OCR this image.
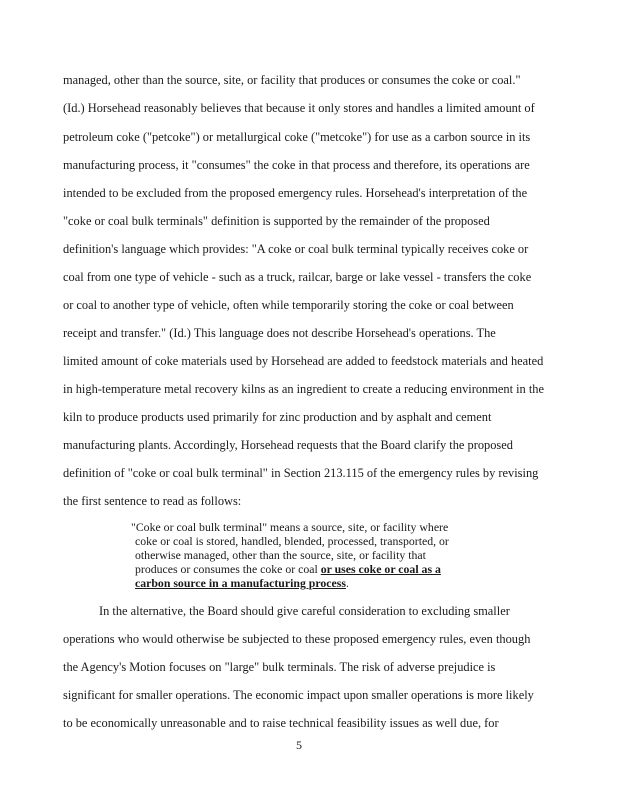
managed, other than the source, site, or facility that produces or consumes the coke or coal."
(Id.) Horsehead reasonably believes that because it only stores and handles a limited amount of
petroleum coke ("petcoke") or metallurgical coke ("metcoke") for use as a carbon source in its
manufacturing process, it "consumes" the coke in that process and therefore, its operations are
intended to be excluded from the proposed emergency rules. Horsehead's interpretation of the
"coke or coal bulk terminals" definition is supported by the remainder of the proposed
definition's language which provides: "A coke or coal bulk terminal typically receives coke or
coal from one type of vehicle - such as a truck, railcar, barge or lake vessel - transfers the coke
or coal to another type of vehicle, often while temporarily storing the coke or coal between
receipt and transfer." (Id.) This language does not describe Horsehead's operations. The
limited amount of coke materials used by Horsehead are added to feedstock materials and heated
in high-temperature metal recovery kilns as an ingredient to create a reducing environment in the
kiln to produce products used primarily for zinc production and by asphalt and cement
manufacturing plants. Accordingly, Horsehead requests that the Board clarify the proposed
definition of "coke or coal bulk terminal" in Section 213.115 of the emergency rules by revising
the first sentence to read as follows:
"Coke or coal bulk terminal" means a source, site, or facility where
coke or coal is stored, handled, blended, processed, transported, or
otherwise managed, other than the source, site, or facility that
produces or consumes the coke or coal or uses coke or coal as a
carbon source in a manufacturing process.
In the alternative, the Board should give careful consideration to excluding smaller
operations who would otherwise be subjected to these proposed emergency rules, even though
the Agency's Motion focuses on "large" bulk terminals. The risk of adverse prejudice is
significant for smaller operations. The economic impact upon smaller operations is more likely
to be economically unreasonable and to raise technical feasibility issues as well due, for
5
